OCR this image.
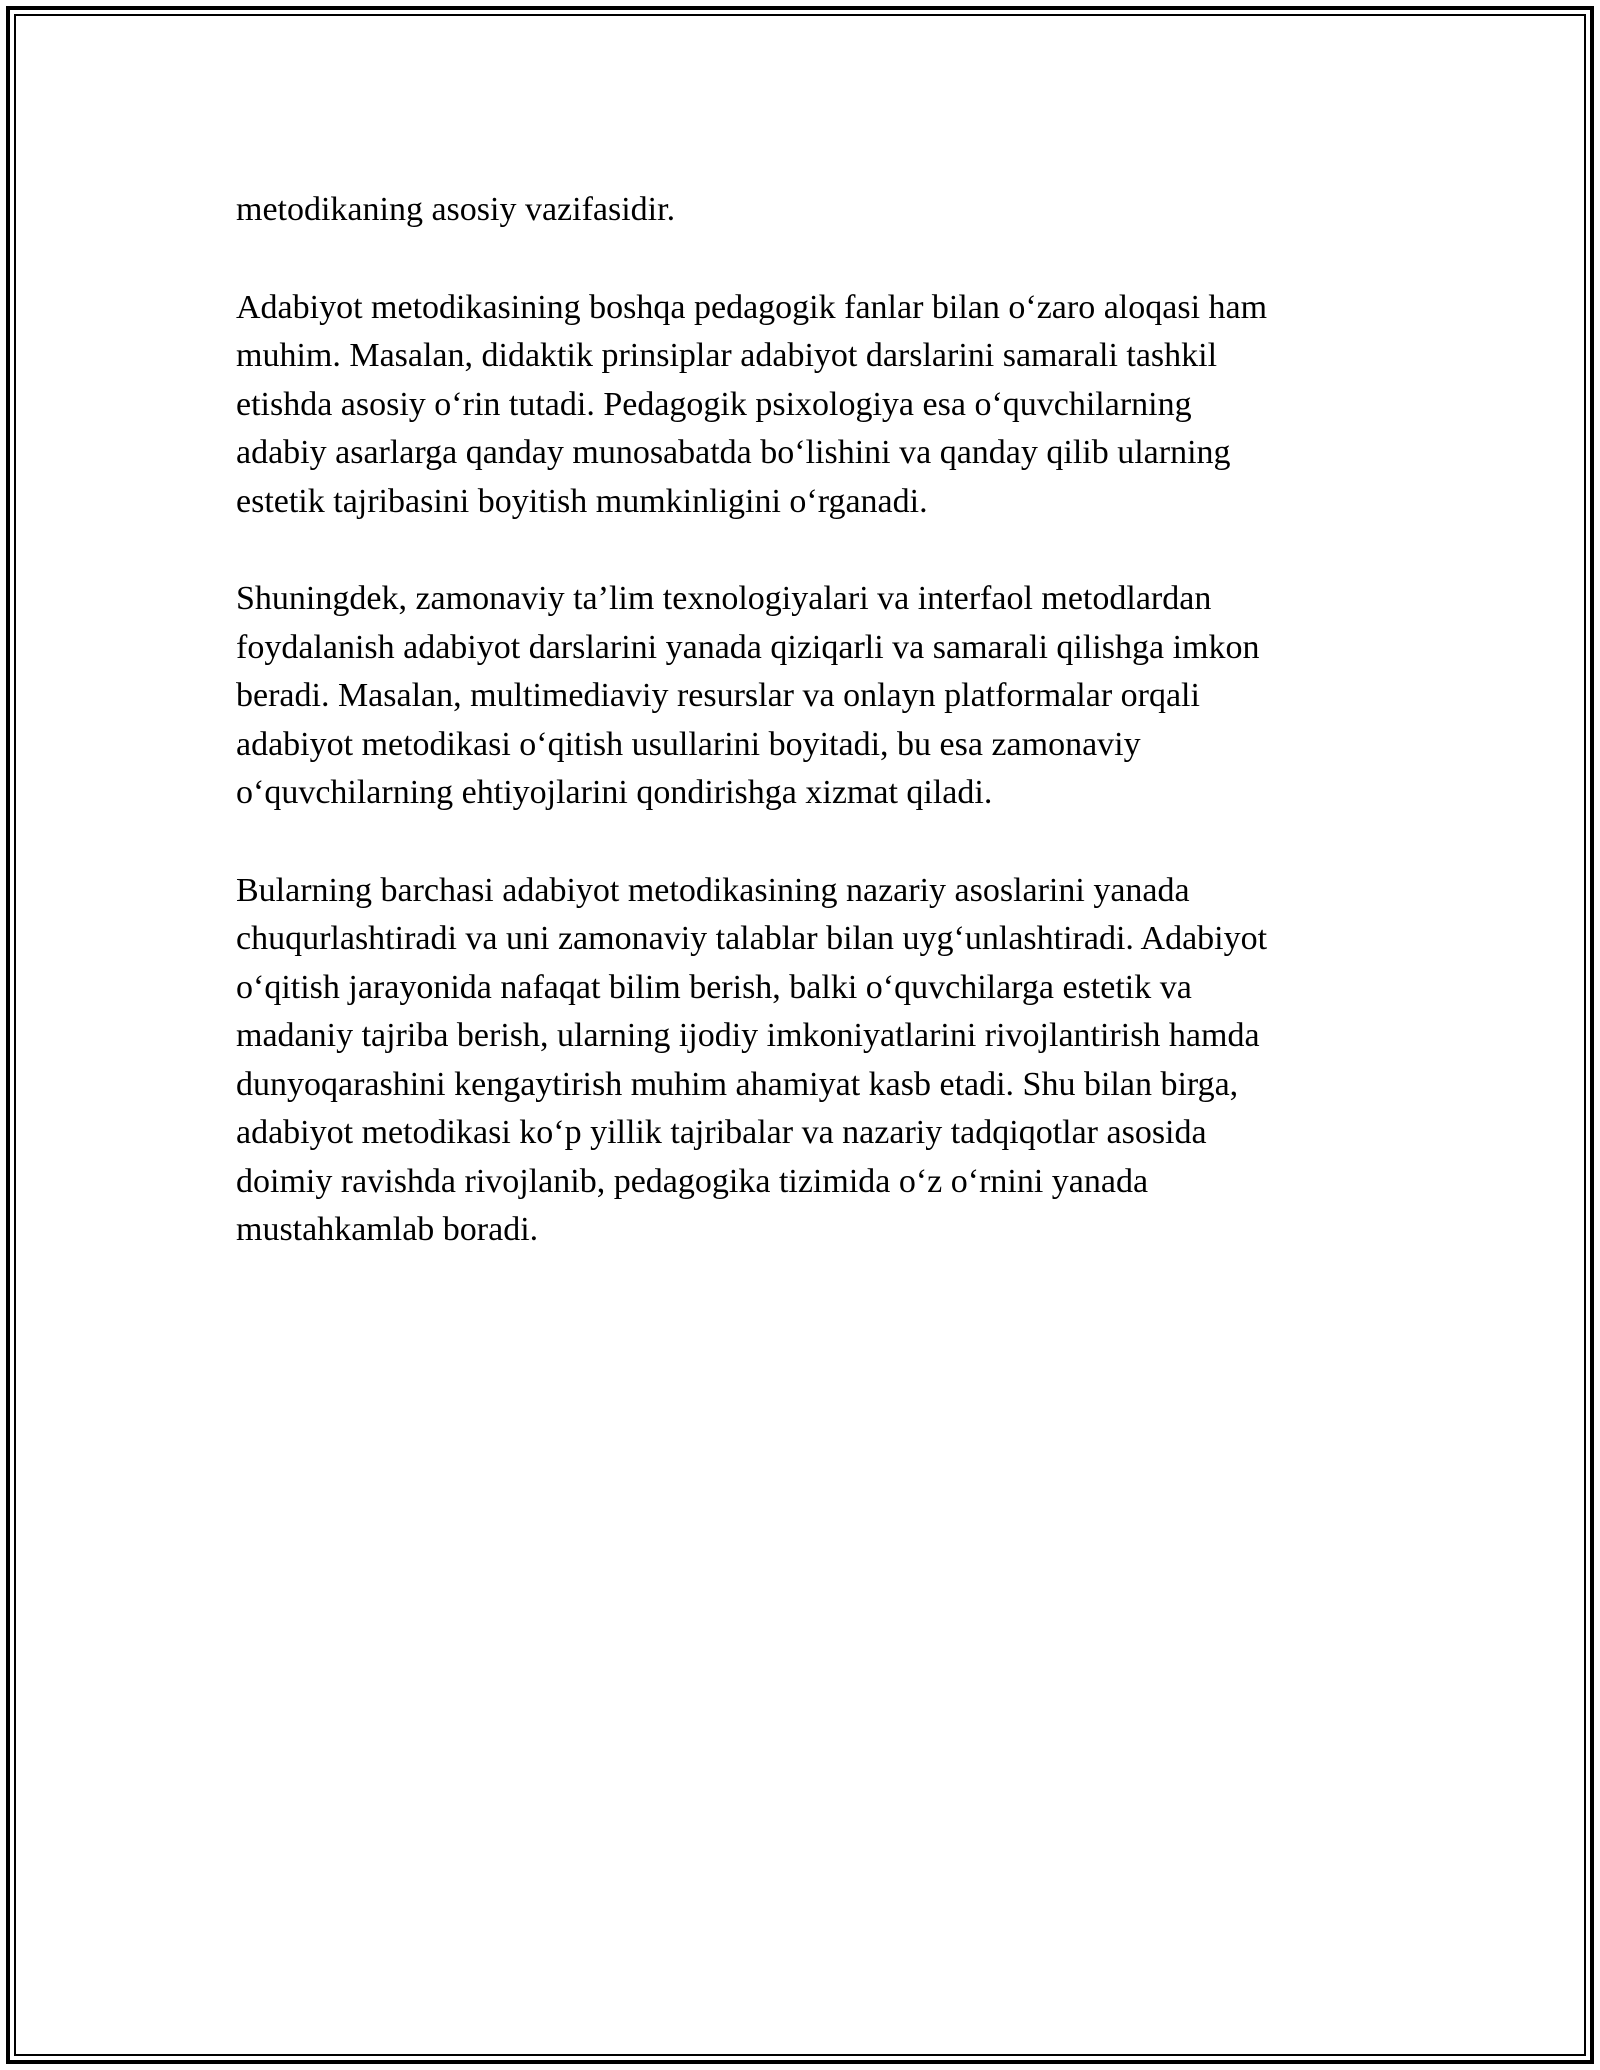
metodikaning asosiy vazifasidir.

Adabiyot metodikasining boshqa pedagogik fanlar bilan o‘zaro aloqasi ham
muhim. Masalan, didaktik prinsiplar adabiyot darslarini samarali tashkil
etishda asosiy o‘rin tutadi. Pedagogik psixologiya esa o‘quvchilarning
adabiy asarlarga qanday munosabatda bo‘lishini va qanday qilib ularning
estetik tajribasini boyitish mumkinligini o‘rganadi.

Shuningdek, zamonaviy ta’lim texnologiyalari va interfaol metodlardan
foydalanish adabiyot darslarini yanada qiziqarli va samarali qilishga imkon
beradi. Masalan, multimediaviy resurslar va onlayn platformalar orqali
adabiyot metodikasi o‘qitish usullarini boyitadi, bu esa zamonaviy
o‘quvchilarning ehtiyojlarini qondirishga xizmat qiladi.

Bularning barchasi adabiyot metodikasining nazariy asoslarini yanada
chuqurlashtiradi va uni zamonaviy talablar bilan uyg‘unlashtiradi. Adabiyot
o‘qitish jarayonida nafaqat bilim berish, balki o‘quvchilarga estetik va
madaniy tajriba berish, ularning ijodiy imkoniyatlarini rivojlantirish hamda
dunyoqarashini kengaytirish muhim ahamiyat kasb etadi. Shu bilan birga,
adabiyot metodikasi ko‘p yillik tajribalar va nazariy tadqiqotlar asosida
doimiy ravishda rivojlanib, pedagogika tizimida o‘z o‘rnini yanada
mustahkamlab boradi.
